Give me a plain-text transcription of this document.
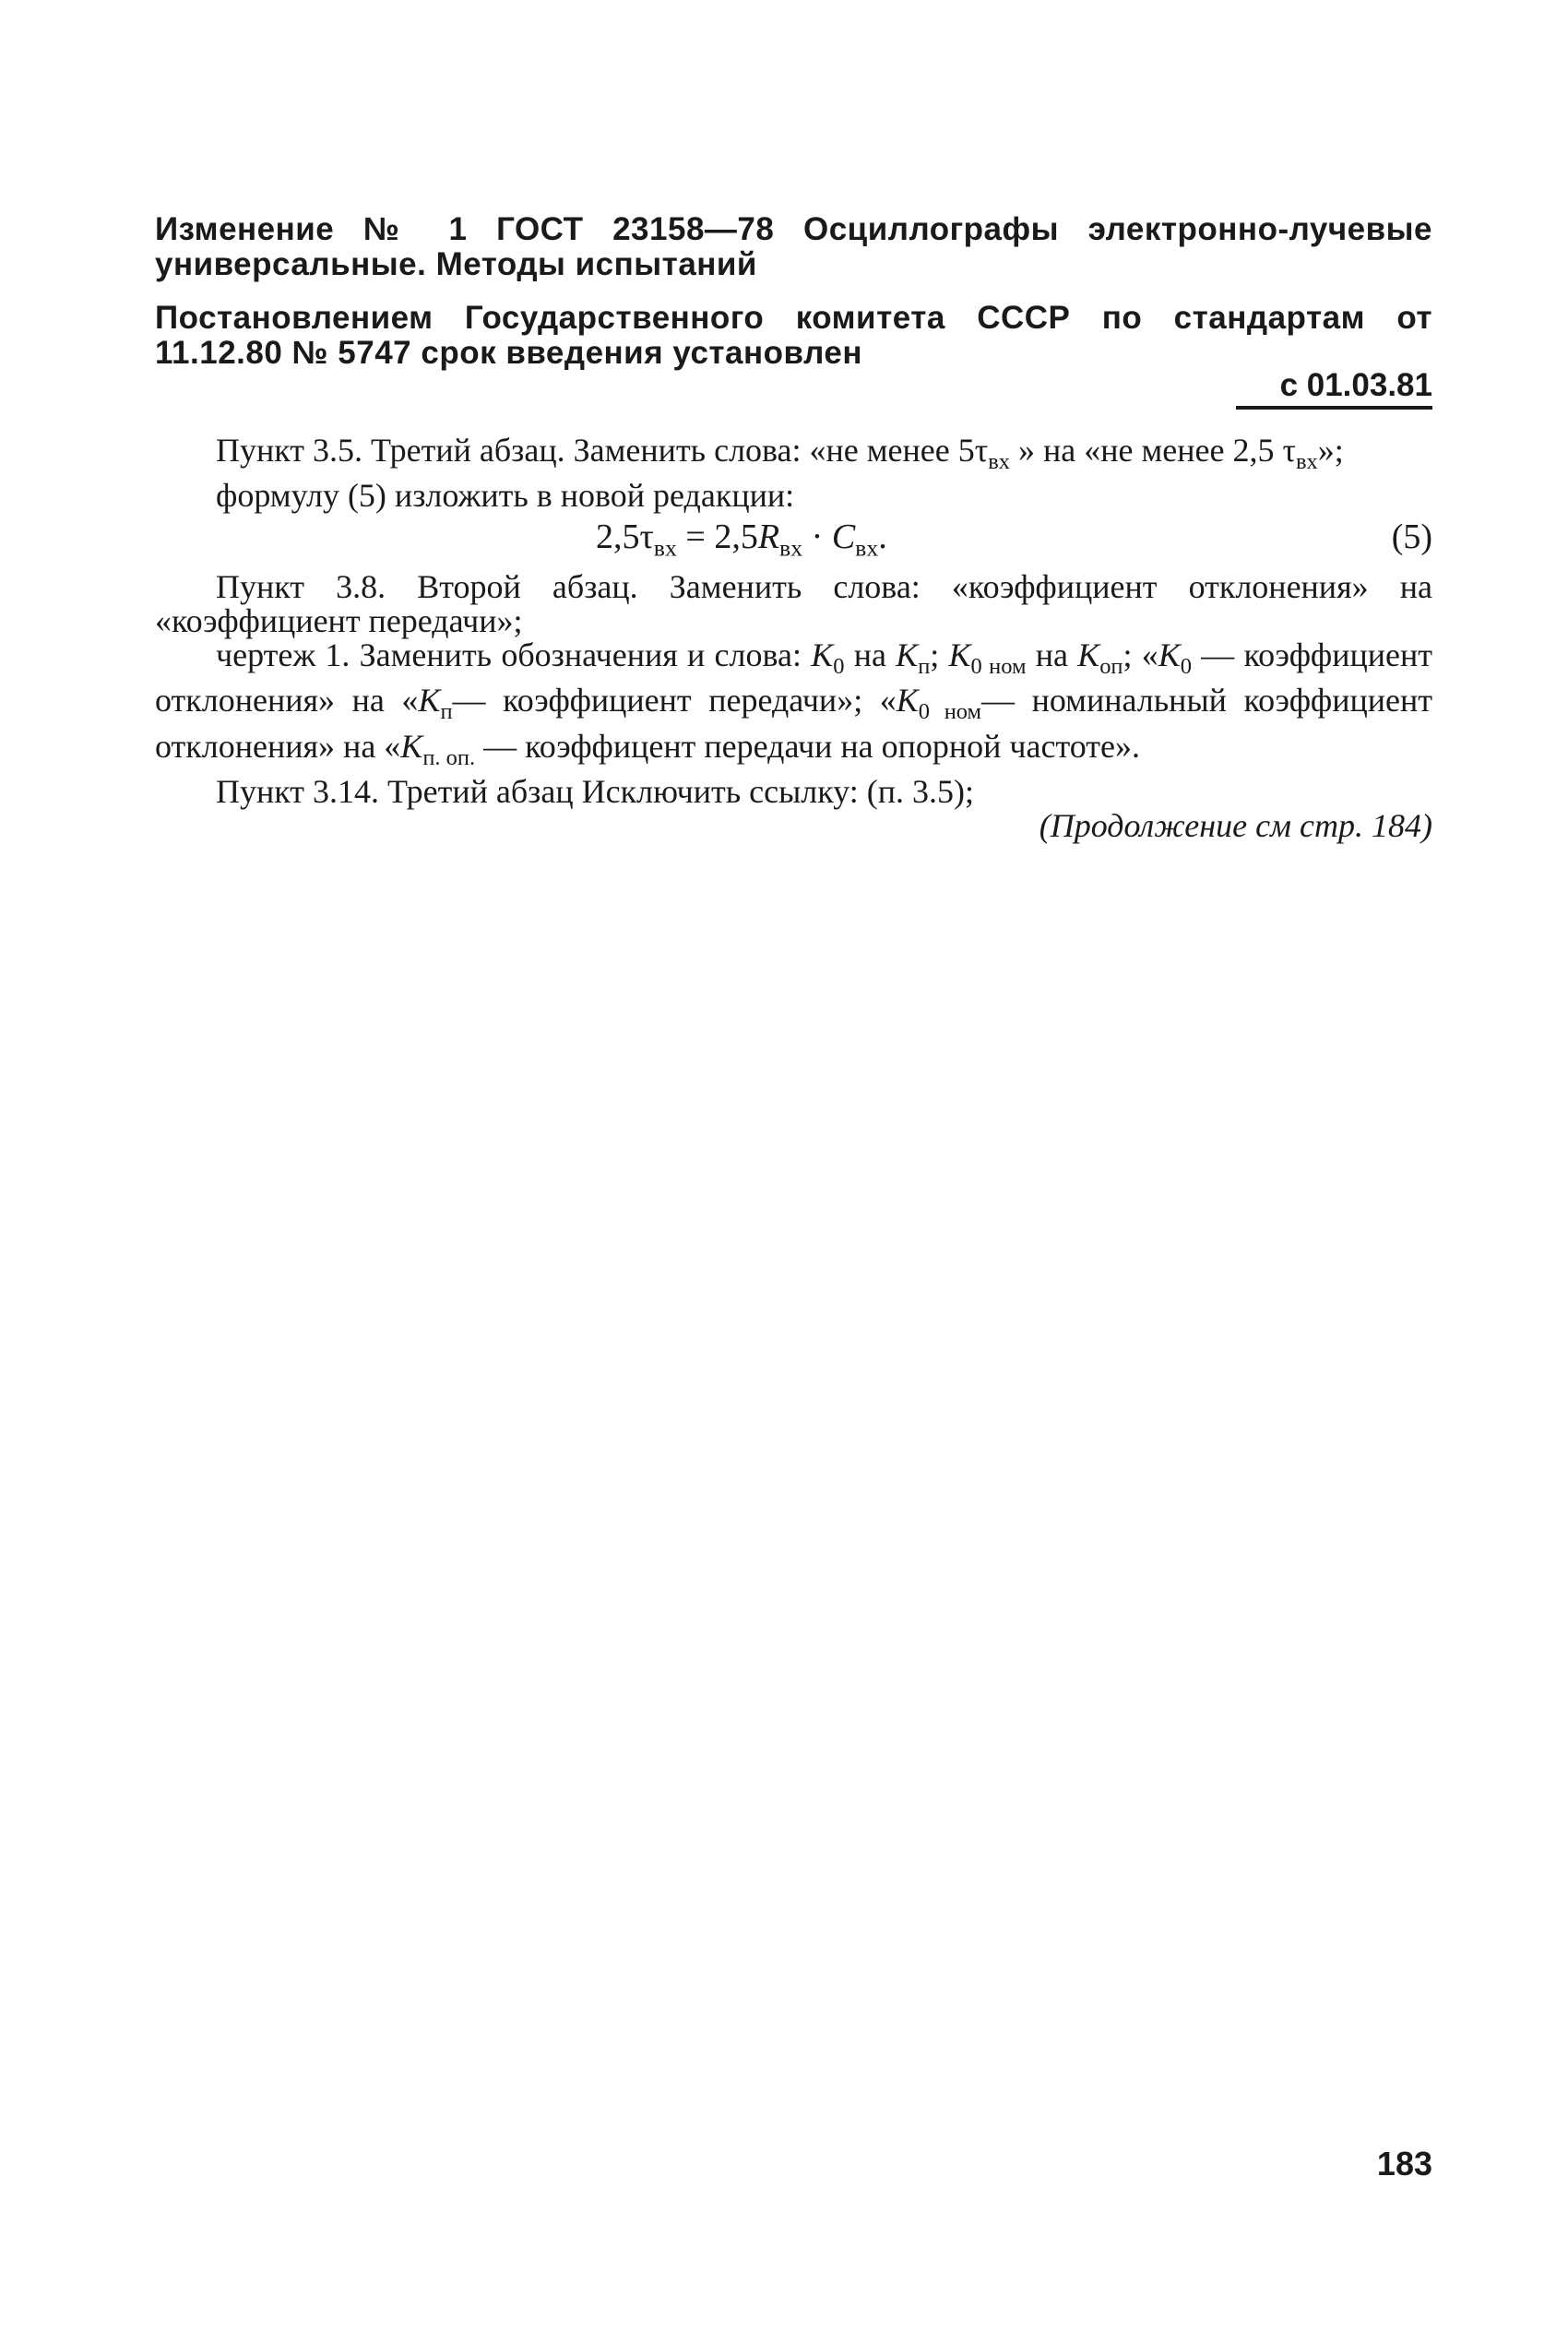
Изменение № 1 ГОСТ 23158—78 Осциллографы электронно-лучевые универсальные. Методы испытаний
Постановлением Государственного комитета СССР по стандартам от 11.12.80 № 5747 срок введения установлен
с 01.03.81

Пункт 3.5. Третий абзац. Заменить слова: «не менее $5\tau_{вх}$ » на «не менее 2,5 $\tau_{вх}$»;

формулу (5) изложить в новой редакции:

$2,5\tau_{вх} = 2,5R_{вх} \cdot C_{вх}$.	(5)

Пункт 3.8. Второй абзац. Заменить слова: «коэффициент отклонения» на «коэффициент передачи»;

чертеж 1. Заменить обозначения и слова: $K_0$ на $K_п$; $K_{0 ном}$ на $K_{оп}$; «$K_0$ — коэффициент отклонения» на «$K_п—$ коэффициент передачи»; «$K_{0 ном}—$ номинальный коэффициент отклонения» на «$K_{п. оп.}$ — коэффицент передачи на опорной частоте».

Пункт 3.14. Третий абзац Исключить ссылку: (п. 3.5);

(Продолжение см стр. 184)

183
